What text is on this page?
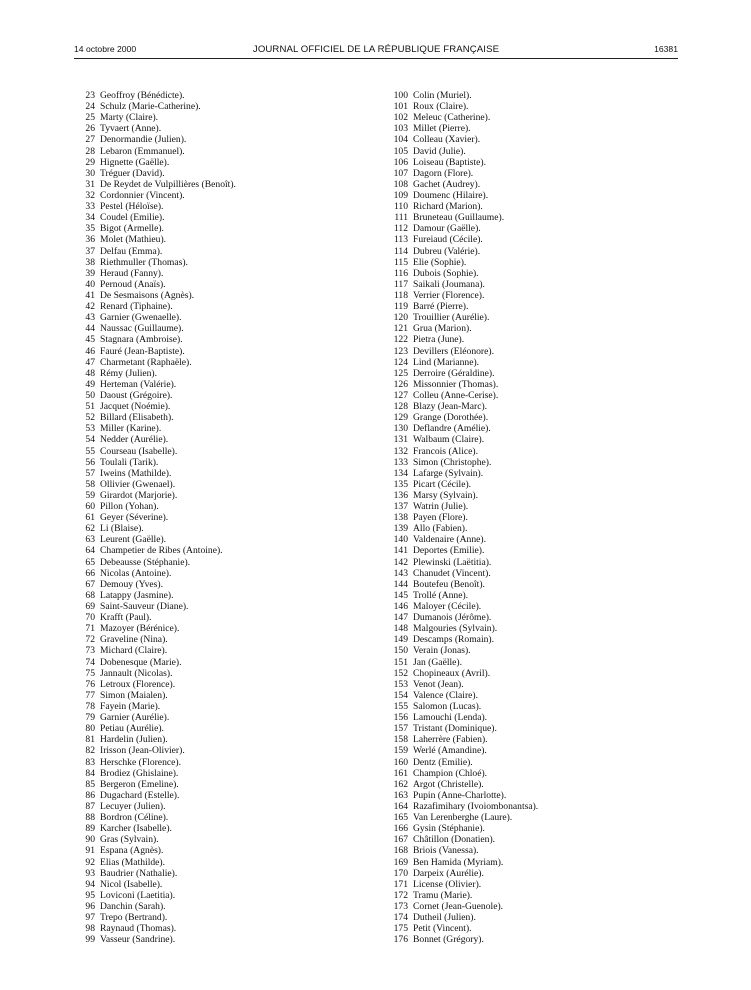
14 octobre 2000	JOURNAL OFFICIEL DE LA RÉPUBLIQUE FRANÇAISE	16381
23 Geoffroy (Bénédicte).
24 Schulz (Marie-Catherine).
25 Marty (Claire).
26 Tyvaert (Anne).
27 Denormandie (Julien).
28 Lebaron (Emmanuel).
29 Hignette (Gaëlle).
30 Tréguer (David).
31 De Reydet de Vulpillières (Benoît).
32 Cordonnier (Vincent).
33 Pestel (Héloïse).
34 Coudel (Emilie).
35 Bigot (Armelle).
36 Molet (Mathieu).
37 Delfau (Emma).
38 Riethmuller (Thomas).
39 Heraud (Fanny).
40 Pernoud (Anaïs).
41 De Sesmaisons (Agnès).
42 Renard (Tiphaine).
43 Garnier (Gwenaelle).
44 Naussac (Guillaume).
45 Stagnara (Ambroise).
46 Fauré (Jean-Baptiste).
47 Charmetant (Raphaële).
48 Rémy (Julien).
49 Herteman (Valérie).
50 Daoust (Grégoire).
51 Jacquet (Noémie).
52 Billard (Elisabeth).
53 Miller (Karine).
54 Nedder (Aurélie).
55 Courseau (Isabelle).
56 Toulali (Tarik).
57 Iweins (Mathilde).
58 Ollivier (Gwenael).
59 Girardot (Marjorie).
60 Pillon (Yohan).
61 Geyer (Séverine).
62 Li (Blaise).
63 Leurent (Gaëlle).
64 Champetier de Ribes (Antoine).
65 Debeausse (Stéphanie).
66 Nicolas (Antoine).
67 Demouy (Yves).
68 Latappy (Jasmine).
69 Saint-Sauveur (Diane).
70 Krafft (Paul).
71 Mazoyer (Bérénice).
72 Graveline (Nina).
73 Michard (Claire).
74 Dobenesque (Marie).
75 Jannault (Nicolas).
76 Letroux (Florence).
77 Simon (Maialen).
78 Fayein (Marie).
79 Garnier (Aurélie).
80 Petiau (Aurélie).
81 Hardelin (Julien).
82 Irisson (Jean-Olivier).
83 Herschke (Florence).
84 Brodiez (Ghislaine).
85 Bergeron (Emeline).
86 Dugachard (Estelle).
87 Lecuyer (Julien).
88 Bordron (Céline).
89 Karcher (Isabelle).
90 Gras (Sylvain).
91 Espana (Agnès).
92 Elias (Mathilde).
93 Baudrier (Nathalie).
94 Nicol (Isabelle).
95 Loviconi (Laetitia).
96 Danchin (Sarah).
97 Trepo (Bertrand).
98 Raynaud (Thomas).
99 Vasseur (Sandrine).
100 Colin (Muriel).
101 Roux (Claire).
102 Meleuc (Catherine).
103 Millet (Pierre).
104 Colleau (Xavier).
105 David (Julie).
106 Loiseau (Baptiste).
107 Dagorn (Flore).
108 Gachet (Audrey).
109 Doumenc (Hilaire).
110 Richard (Marion).
111 Bruneteau (Guillaume).
112 Damour (Gaëlle).
113 Fureiaud (Cécile).
114 Dubreu (Valérie).
115 Elie (Sophie).
116 Dubois (Sophie).
117 Saikali (Joumana).
118 Verrier (Florence).
119 Barré (Pierre).
120 Trouillier (Aurélie).
121 Grua (Marion).
122 Pietra (June).
123 Devillers (Eléonore).
124 Lind (Marianne).
125 Derroire (Géraldine).
126 Missonnier (Thomas).
127 Colleu (Anne-Cerise).
128 Blazy (Jean-Marc).
129 Grange (Dorothée).
130 Deflandre (Amélie).
131 Walbaum (Claire).
132 Francois (Alice).
133 Simon (Christophe).
134 Lafarge (Sylvain).
135 Picart (Cécile).
136 Marsy (Sylvain).
137 Watrin (Julie).
138 Payen (Flore).
139 Allo (Fabien).
140 Valdenaire (Anne).
141 Deportes (Emilie).
142 Plewinski (Laëtitia).
143 Chanudet (Vincent).
144 Boutefeu (Benoît).
145 Trollé (Anne).
146 Maloyer (Cécile).
147 Dumanois (Jérôme).
148 Malgouries (Sylvain).
149 Descamps (Romain).
150 Verain (Jonas).
151 Jan (Gaëlle).
152 Chopineaux (Avril).
153 Venot (Jean).
154 Valence (Claire).
155 Salomon (Lucas).
156 Lamouchi (Lenda).
157 Tristant (Dominique).
158 Laherrère (Fabien).
159 Werlé (Amandine).
160 Dentz (Emilie).
161 Champion (Chloé).
162 Argot (Christelle).
163 Pupin (Anne-Charlotte).
164 Razafimihary (Ivoiombonantsa).
165 Van Lerenberghe (Laure).
166 Gysin (Stéphanie).
167 Châtillon (Donatien).
168 Briois (Vanessa).
169 Ben Hamida (Myriam).
170 Darpeix (Aurélie).
171 License (Olivier).
172 Tramu (Marie).
173 Cornet (Jean-Guenole).
174 Dutheil (Julien).
175 Petit (Vincent).
176 Bonnet (Grégory).
